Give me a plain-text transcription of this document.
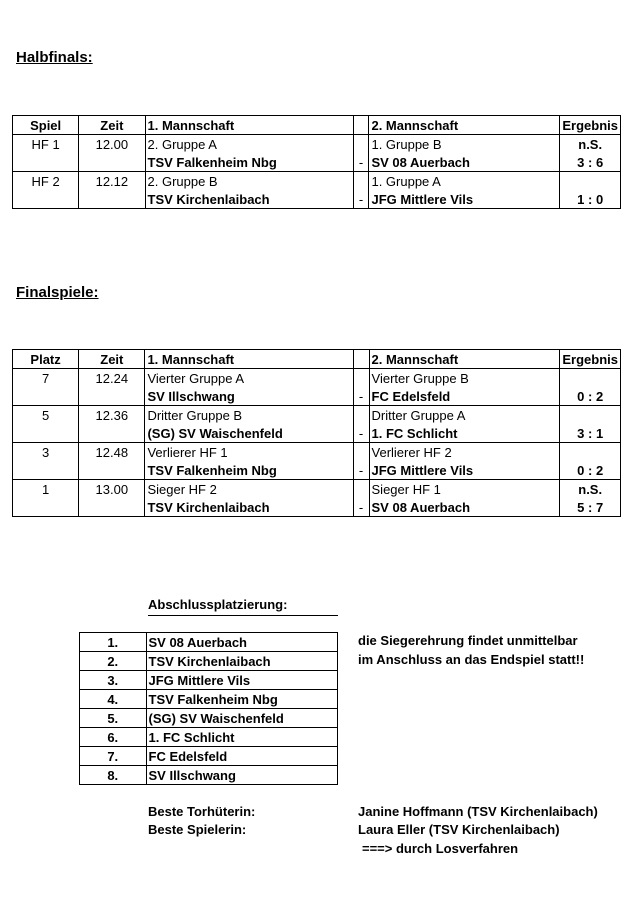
Halbfinals:
Spiel	Zeit	1. Mannschaft		2. Mannschaft	Ergebnis
HF 1	12.00	2. Gruppe A		1. Gruppe B	n.S.
		TSV Falkenheim Nbg	-	SV 08 Auerbach	3 : 6
HF 2	12.12	2. Gruppe B		1. Gruppe A	
		TSV Kirchenlaibach	-	JFG Mittlere Vils	1 : 0
Finalspiele:
Platz	Zeit	1. Mannschaft		2. Mannschaft	Ergebnis
7	12.24	Vierter Gruppe A		Vierter Gruppe B	
		SV Illschwang	-	FC Edelsfeld	0 : 2
5	12.36	Dritter Gruppe B		Dritter Gruppe A	
		(SG) SV Waischenfeld	-	1. FC Schlicht	3 : 1
3	12.48	Verlierer HF 1		Verlierer HF 2	
		TSV Falkenheim Nbg	-	JFG Mittlere Vils	0 : 2
1	13.00	Sieger HF 2		Sieger HF 1	n.S.
		TSV Kirchenlaibach	-	SV 08 Auerbach	5 : 7
Abschlussplatzierung:
1.	SV 08 Auerbach
2.	TSV Kirchenlaibach
3.	JFG Mittlere Vils
4.	TSV Falkenheim Nbg
5.	(SG) SV Waischenfeld
6.	1. FC Schlicht
7.	FC Edelsfeld
8.	SV Illschwang
die Siegerehrung findet unmittelbar
im Anschluss an das Endspiel statt!!
Beste Torhüterin:	Janine Hoffmann (TSV Kirchenlaibach)
Beste Spielerin:	Laura Eller (TSV Kirchenlaibach)
===> durch Losverfahren
